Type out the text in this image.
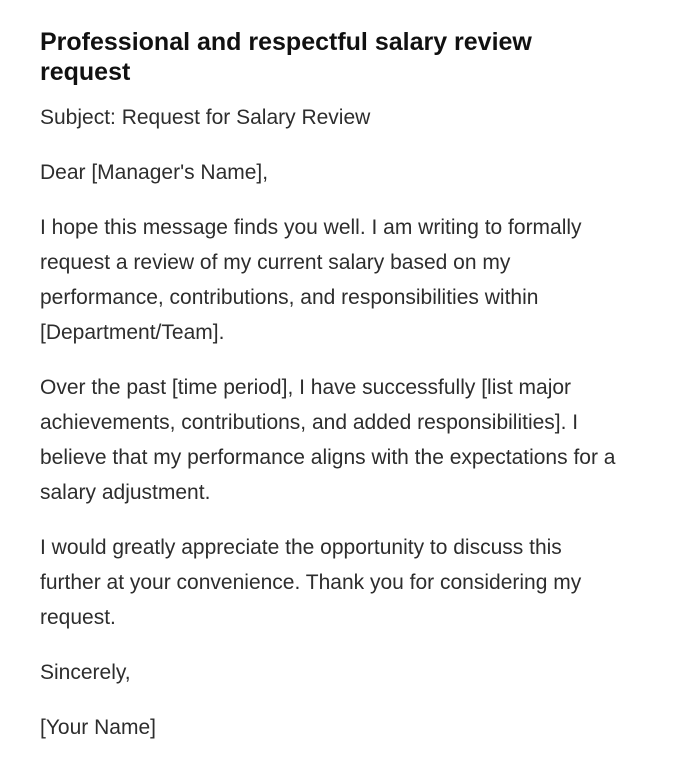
Professional and respectful salary review request

Subject: Request for Salary Review

Dear [Manager's Name],

I hope this message finds you well. I am writing to formally request a review of my current salary based on my performance, contributions, and responsibilities within [Department/Team].

Over the past [time period], I have successfully [list major achievements, contributions, and added responsibilities]. I believe that my performance aligns with the expectations for a salary adjustment.

I would greatly appreciate the opportunity to discuss this further at your convenience. Thank you for considering my request.

Sincerely,

[Your Name]
